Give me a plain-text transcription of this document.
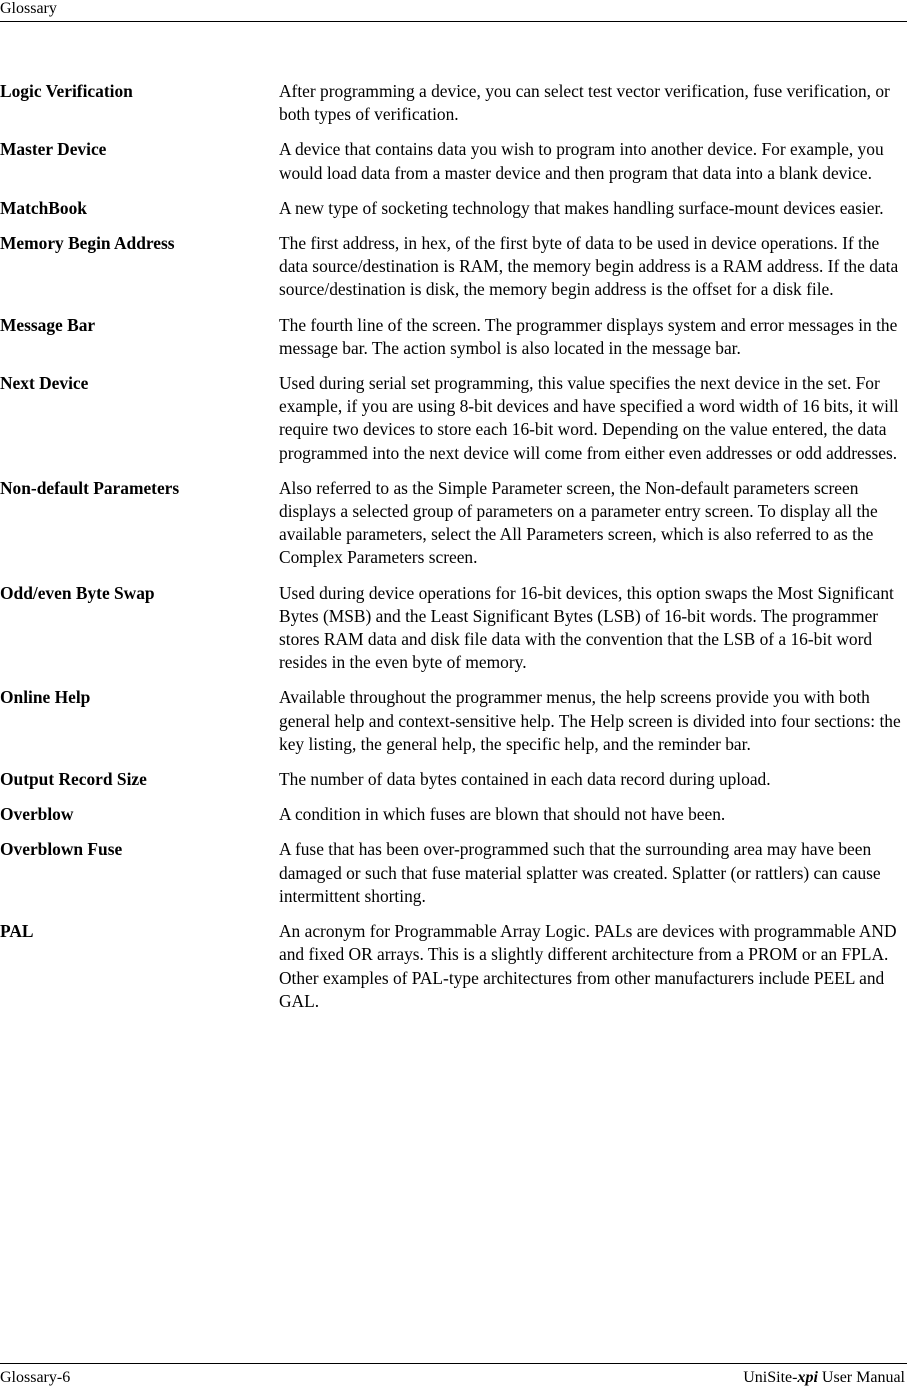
Glossary
Logic Verification	After programming a device, you can select test vector verification, fuse verification, or both types of verification.
Master Device	A device that contains data you wish to program into another device. For example, you would load data from a master device and then program that data into a blank device.
MatchBook	A new type of socketing technology that makes handling surface-mount devices easier.
Memory Begin Address	The first address, in hex, of the first byte of data to be used in device operations. If the data source/destination is RAM, the memory begin address is a RAM address. If the data source/destination is disk, the memory begin address is the offset for a disk file.
Message Bar	The fourth line of the screen. The programmer displays system and error messages in the message bar. The action symbol is also located in the message bar.
Next Device	Used during serial set programming, this value specifies the next device in the set. For example, if you are using 8-bit devices and have specified a word width of 16 bits, it will require two devices to store each 16-bit word. Depending on the value entered, the data programmed into the next device will come from either even addresses or odd addresses.
Non-default Parameters	Also referred to as the Simple Parameter screen, the Non-default parameters screen displays a selected group of parameters on a parameter entry screen. To display all the available parameters, select the All Parameters screen, which is also referred to as the Complex Parameters screen.
Odd/even Byte Swap	Used during device operations for 16-bit devices, this option swaps the Most Significant Bytes (MSB) and the Least Significant Bytes (LSB) of 16-bit words. The programmer stores RAM data and disk file data with the convention that the LSB of a 16-bit word resides in the even byte of memory.
Online Help	Available throughout the programmer menus, the help screens provide you with both general help and context-sensitive help. The Help screen is divided into four sections: the key listing, the general help, the specific help, and the reminder bar.
Output Record Size	The number of data bytes contained in each data record during upload.
Overblow	A condition in which fuses are blown that should not have been.
Overblown Fuse	A fuse that has been over-programmed such that the surrounding area may have been damaged or such that fuse material splatter was created. Splatter (or rattlers) can cause intermittent shorting.
PAL	An acronym for Programmable Array Logic. PALs are devices with programmable AND and fixed OR arrays. This is a slightly different architecture from a PROM or an FPLA. Other examples of PAL-type architectures from other manufacturers include PEEL and GAL.
Glossary-6	UniSite-xpi User Manual
